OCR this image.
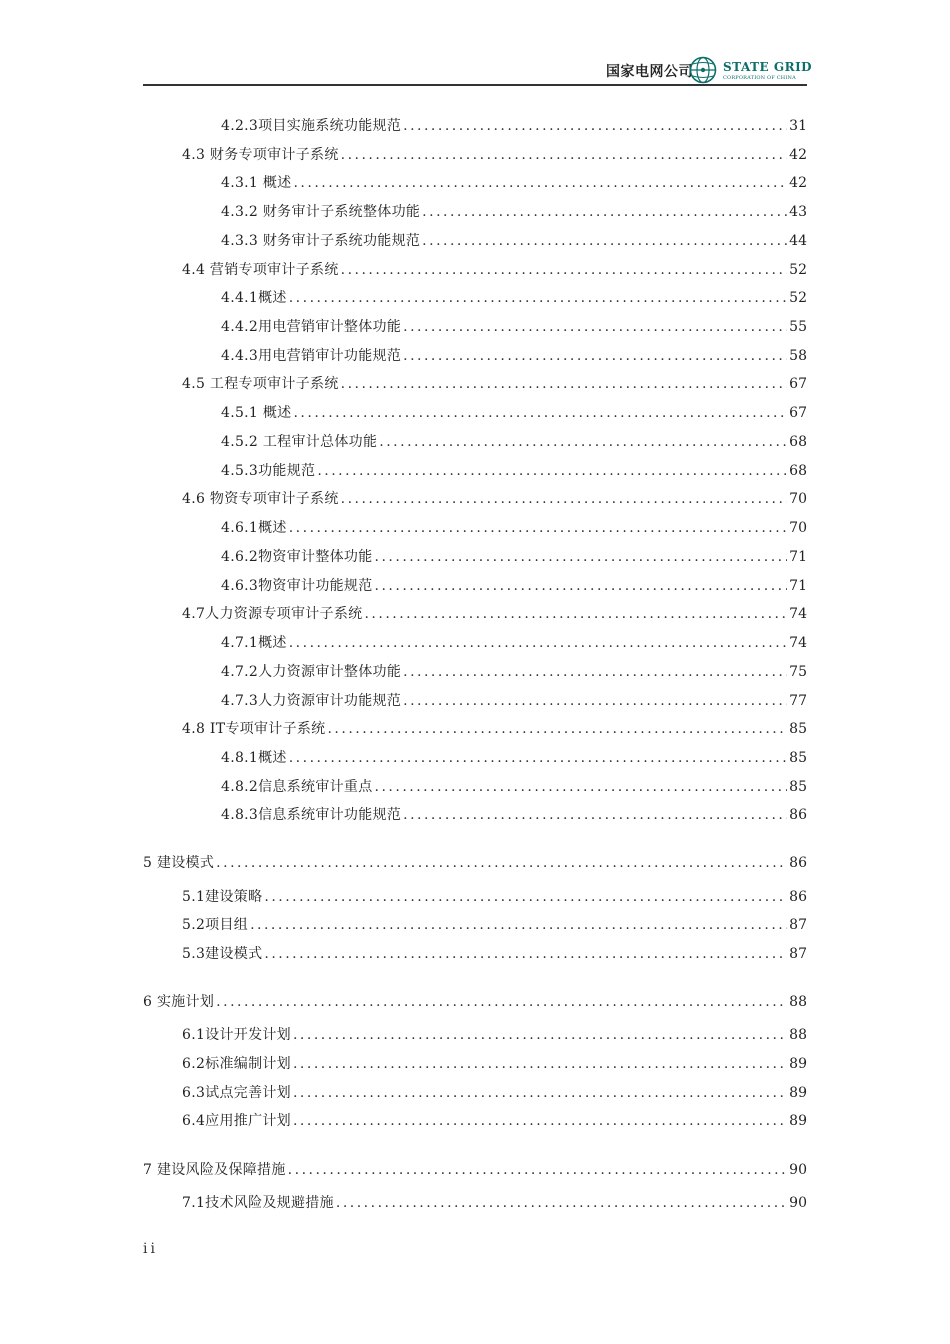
国家电网公司	STATE GRID
CORPORATION OF CHINA
4.2.3项目实施系统功能规范 .....	31
4.3 财务专项审计子系统 .....	42
4.3.1 概述 .....	42
4.3.2 财务审计子系统整体功能 .....	43
4.3.3 财务审计子系统功能规范 .....	44
4.4 营销专项审计子系统 .....	52
4.4.1概述 .....	52
4.4.2用电营销审计整体功能 .....	55
4.4.3用电营销审计功能规范 .....	58
4.5 工程专项审计子系统 .....	67
4.5.1 概述 .....	67
4.5.2 工程审计总体功能 .....	68
4.5.3功能规范 .....	68
4.6 物资专项审计子系统 .....	70
4.6.1概述 .....	70
4.6.2物资审计整体功能 .....	71
4.6.3物资审计功能规范 .....	71
4.7人力资源专项审计子系统 .....	74
4.7.1概述 .....	74
4.7.2人力资源审计整体功能 .....	75
4.7.3人力资源审计功能规范 .....	77
4.8 IT专项审计子系统 .....	85
4.8.1概述 .....	85
4.8.2信息系统审计重点 .....	85
4.8.3信息系统审计功能规范 .....	86
5 建设模式 .....	86
5.1建设策略 .....	86
5.2项目组 .....	87
5.3建设模式 .....	87
6 实施计划 .....	88
6.1设计开发计划 .....	88
6.2标准编制计划 .....	89
6.3试点完善计划 .....	89
6.4应用推广计划 .....	89
7 建设风险及保障措施 .....	90
7.1技术风险及规避措施 .....	90
ii
